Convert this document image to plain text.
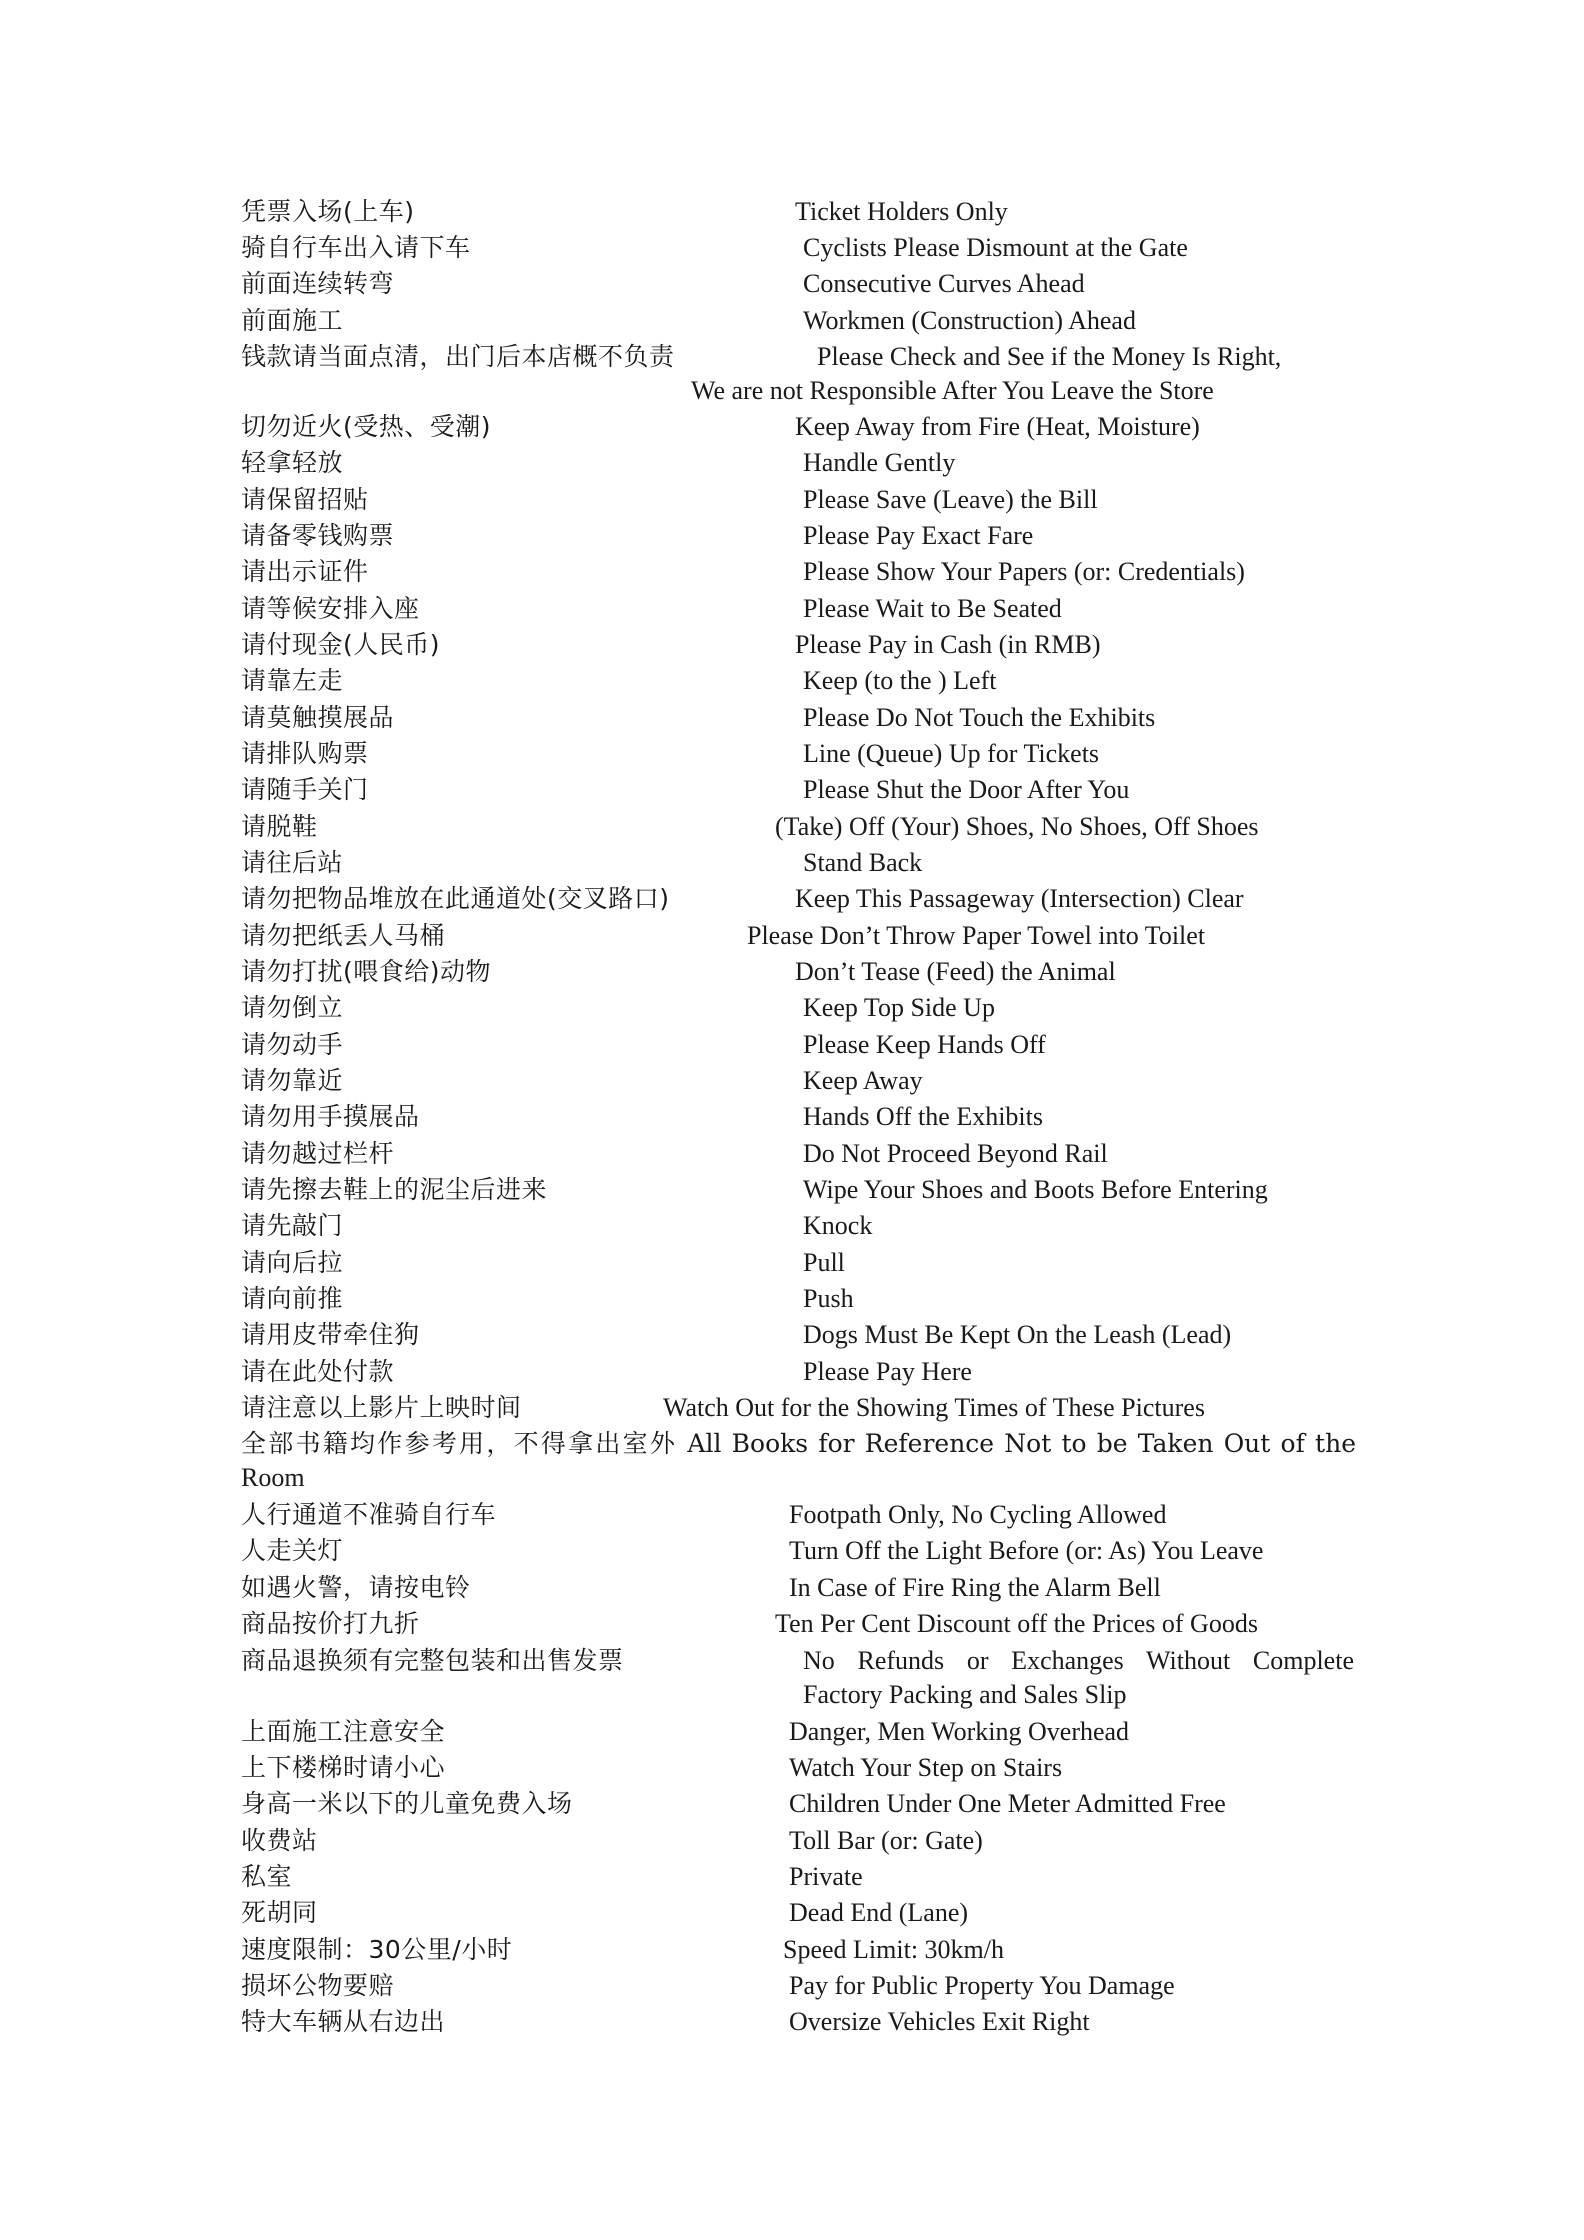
凭票入场(上车)	Ticket Holders Only
骑自行车出入请下车	Cyclists Please Dismount at the Gate
前面连续转弯	Consecutive Curves Ahead
前面施工	Workmen (Construction) Ahead
钱款请当面点清，出门后本店概不负责	Please Check and See if the Money Is Right,
We are not Responsible After You Leave the Store
切勿近火(受热、受潮)	Keep Away from Fire (Heat, Moisture)
轻拿轻放	Handle Gently
请保留招贴	Please Save (Leave) the Bill
请备零钱购票	Please Pay Exact Fare
请出示证件	Please Show Your Papers (or: Credentials)
请等候安排入座	Please Wait to Be Seated
请付现金(人民币)	Please Pay in Cash (in RMB)
请靠左走	Keep (to the ) Left
请莫触摸展品	Please Do Not Touch the Exhibits
请排队购票	Line (Queue) Up for Tickets
请随手关门	Please Shut the Door After You
请脱鞋	(Take) Off (Your) Shoes, No Shoes, Off Shoes
请往后站	Stand Back
请勿把物品堆放在此通道处(交叉路口)	Keep This Passageway (Intersection) Clear
请勿把纸丢人马桶	Please Don’t Throw Paper Towel into Toilet
请勿打扰(喂食给)动物	Don’t Tease (Feed) the Animal
请勿倒立	Keep Top Side Up
请勿动手	Please Keep Hands Off
请勿靠近	Keep Away
请勿用手摸展品	Hands Off the Exhibits
请勿越过栏杆	Do Not Proceed Beyond Rail
请先擦去鞋上的泥尘后进来	Wipe Your Shoes and Boots Before Entering
请先敲门	Knock
请向后拉	Pull
请向前推	Push
请用皮带牵住狗	Dogs Must Be Kept On the Leash (Lead)
请在此处付款	Please Pay Here
请注意以上影片上映时间	Watch Out for the Showing Times of These Pictures
全部书籍均作参考用，不得拿出室外 All Books for Reference Not to be Taken Out of the
Room
人行通道不准骑自行车	Footpath Only, No Cycling Allowed
人走关灯	Turn Off the Light Before (or: As) You Leave
如遇火警，请按电铃	In Case of Fire Ring the Alarm Bell
商品按价打九折	Ten Per Cent Discount off the Prices of Goods
商品退换须有完整包装和出售发票	No Refunds or Exchanges Without Complete
Factory Packing and Sales Slip
上面施工注意安全	Danger, Men Working Overhead
上下楼梯时请小心	Watch Your Step on Stairs
身高一米以下的儿童免费入场	Children Under One Meter Admitted Free
收费站	Toll Bar (or: Gate)
私室	Private
死胡同	Dead End (Lane)
速度限制：30公里/小时	Speed Limit: 30km/h
损坏公物要赔	Pay for Public Property You Damage
特大车辆从右边出	Oversize Vehicles Exit Right
